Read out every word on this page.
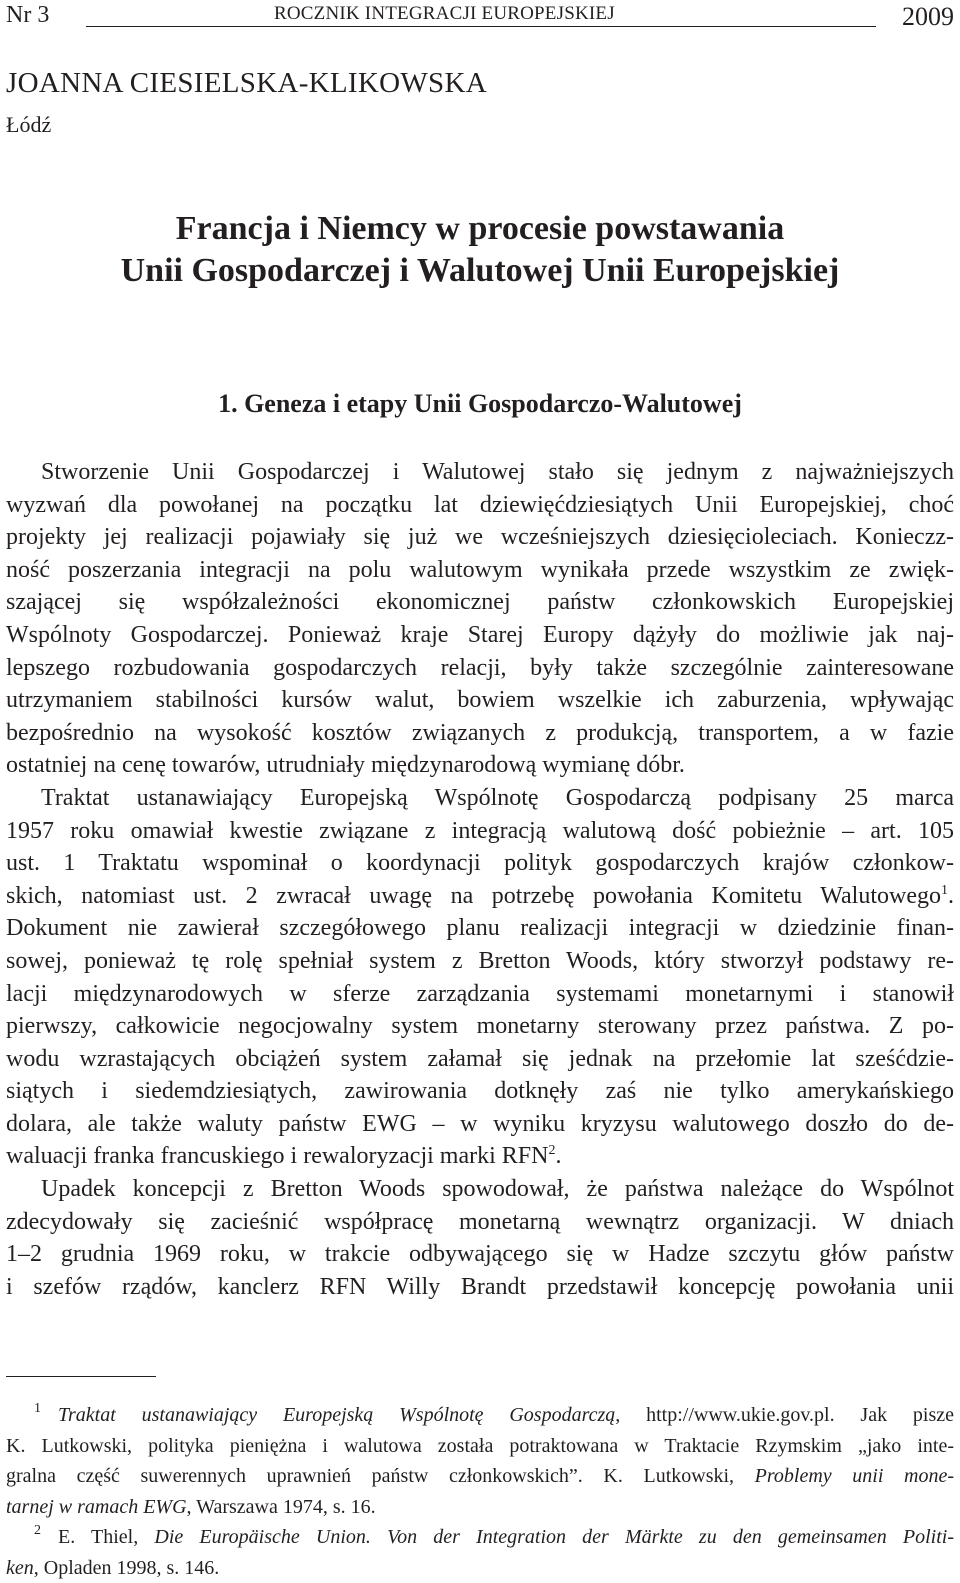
Nr 3	ROCZNIK INTEGRACJI EUROPEJSKIEJ	2009
JOANNA CIESIELSKA-KLIKOWSKA
Łódź
Francja i Niemcy w procesie powstawania
Unii Gospodarczej i Walutowej Unii Europejskiej
1. Geneza i etapy Unii Gospodarczo-Walutowej
Stworzenie Unii Gospodarczej i Walutowej stało się jednym z najważniejszych
wyzwań dla powołanej na początku lat dziewięćdziesiątych Unii Europejskiej, choć
projekty jej realizacji pojawiały się już we wcześniejszych dziesięcioleciach. Konieczz-
ność poszerzania integracji na polu walutowym wynikała przede wszystkim ze zwięk-
szającej się współzależności ekonomicznej państw członkowskich Europejskiej
Wspólnoty Gospodarczej. Ponieważ kraje Starej Europy dążyły do możliwie jak naj-
lepszego rozbudowania gospodarczych relacji, były także szczególnie zainteresowane
utrzymaniem stabilności kursów walut, bowiem wszelkie ich zaburzenia, wpływając
bezpośrednio na wysokość kosztów związanych z produkcją, transportem, a w fazie
ostatniej na cenę towarów, utrudniały międzynarodową wymianę dóbr.
Traktat ustanawiający Europejską Wspólnotę Gospodarczą podpisany 25 marca
1957 roku omawiał kwestie związane z integracją walutową dość pobieżnie – art. 105
ust. 1 Traktatu wspominał o koordynacji polityk gospodarczych krajów członkow-
skich, natomiast ust. 2 zwracał uwagę na potrzebę powołania Komitetu Walutowego$^1$.
Dokument nie zawierał szczegółowego planu realizacji integracji w dziedzinie finan-
sowej, ponieważ tę rolę spełniał system z Bretton Woods, który stworzył podstawy re-
lacji międzynarodowych w sferze zarządzania systemami monetarnymi i stanowił
pierwszy, całkowicie negocjowalny system monetarny sterowany przez państwa. Z po-
wodu wzrastających obciążeń system załamał się jednak na przełomie lat sześćdzie-
siątych i siedemdziesiątych, zawirowania dotknęły zaś nie tylko amerykańskiego
dolara, ale także waluty państw EWG – w wyniku kryzysu walutowego doszło do de-
waluacji franka francuskiego i rewaloryzacji marki RFN$^2$.
Upadek koncepcji z Bretton Woods spowodował, że państwa należące do Wspólnot
zdecydowały się zacieśnić współpracę monetarną wewnątrz organizacji. W dniach
1–2 grudnia 1969 roku, w trakcie odbywającego się w Hadze szczytu głów państw
i szefów rządów, kanclerz RFN Willy Brandt przedstawił koncepcję powołania unii
1 Traktat ustanawiający Europejską Wspólnotę Gospodarczą, http://www.ukie.gov.pl. Jak pisze
K. Lutkowski, polityka pieniężna i walutowa została potraktowana w Traktacie Rzymskim „jako inte-
gralna część suwerennych uprawnień państw członkowskich”. K. Lutkowski, Problemy unii mone-
tarnej w ramach EWG, Warszawa 1974, s. 16.
2 E. Thiel, Die Europäische Union. Von der Integration der Märkte zu den gemeinsamen Politi-
ken, Opladen 1998, s. 146.
